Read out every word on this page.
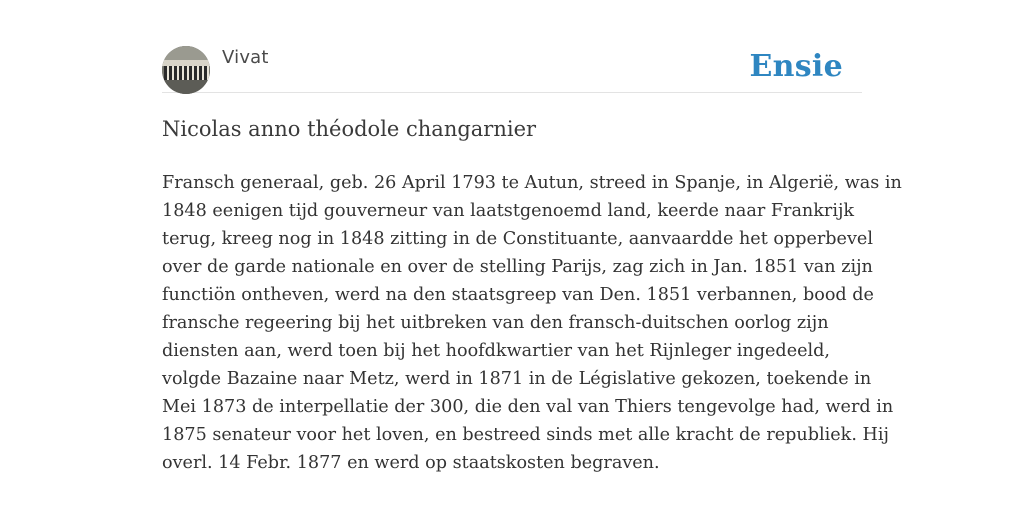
Vivat	Ensie
Nicolas anno théodole changarnier

Fransch generaal, geb. 26 April 1793 te Autun, streed in Spanje, in Algerië, was in
1848 eenigen tijd gouverneur van laatstgenoemd land, keerde naar Frankrijk
terug, kreeg nog in 1848 zitting in de Constituante, aanvaardde het opperbevel
over de garde nationale en over de stelling Parijs, zag zich in Jan. 1851 van zijn
functiön ontheven, werd na den staatsgreep van Den. 1851 verbannen, bood de
fransche regeering bij het uitbreken van den fransch-duitschen oorlog zijn
diensten aan, werd toen bij het hoofdkwartier van het Rijnleger ingedeeld,
volgde Bazaine naar Metz, werd in 1871 in de Législative gekozen, toekende in
Mei 1873 de interpellatie der 300, die den val van Thiers tengevolge had, werd in
1875 senateur voor het loven, en bestreed sinds met alle kracht de republiek. Hij
overl. 14 Febr. 1877 en werd op staatskosten begraven.
